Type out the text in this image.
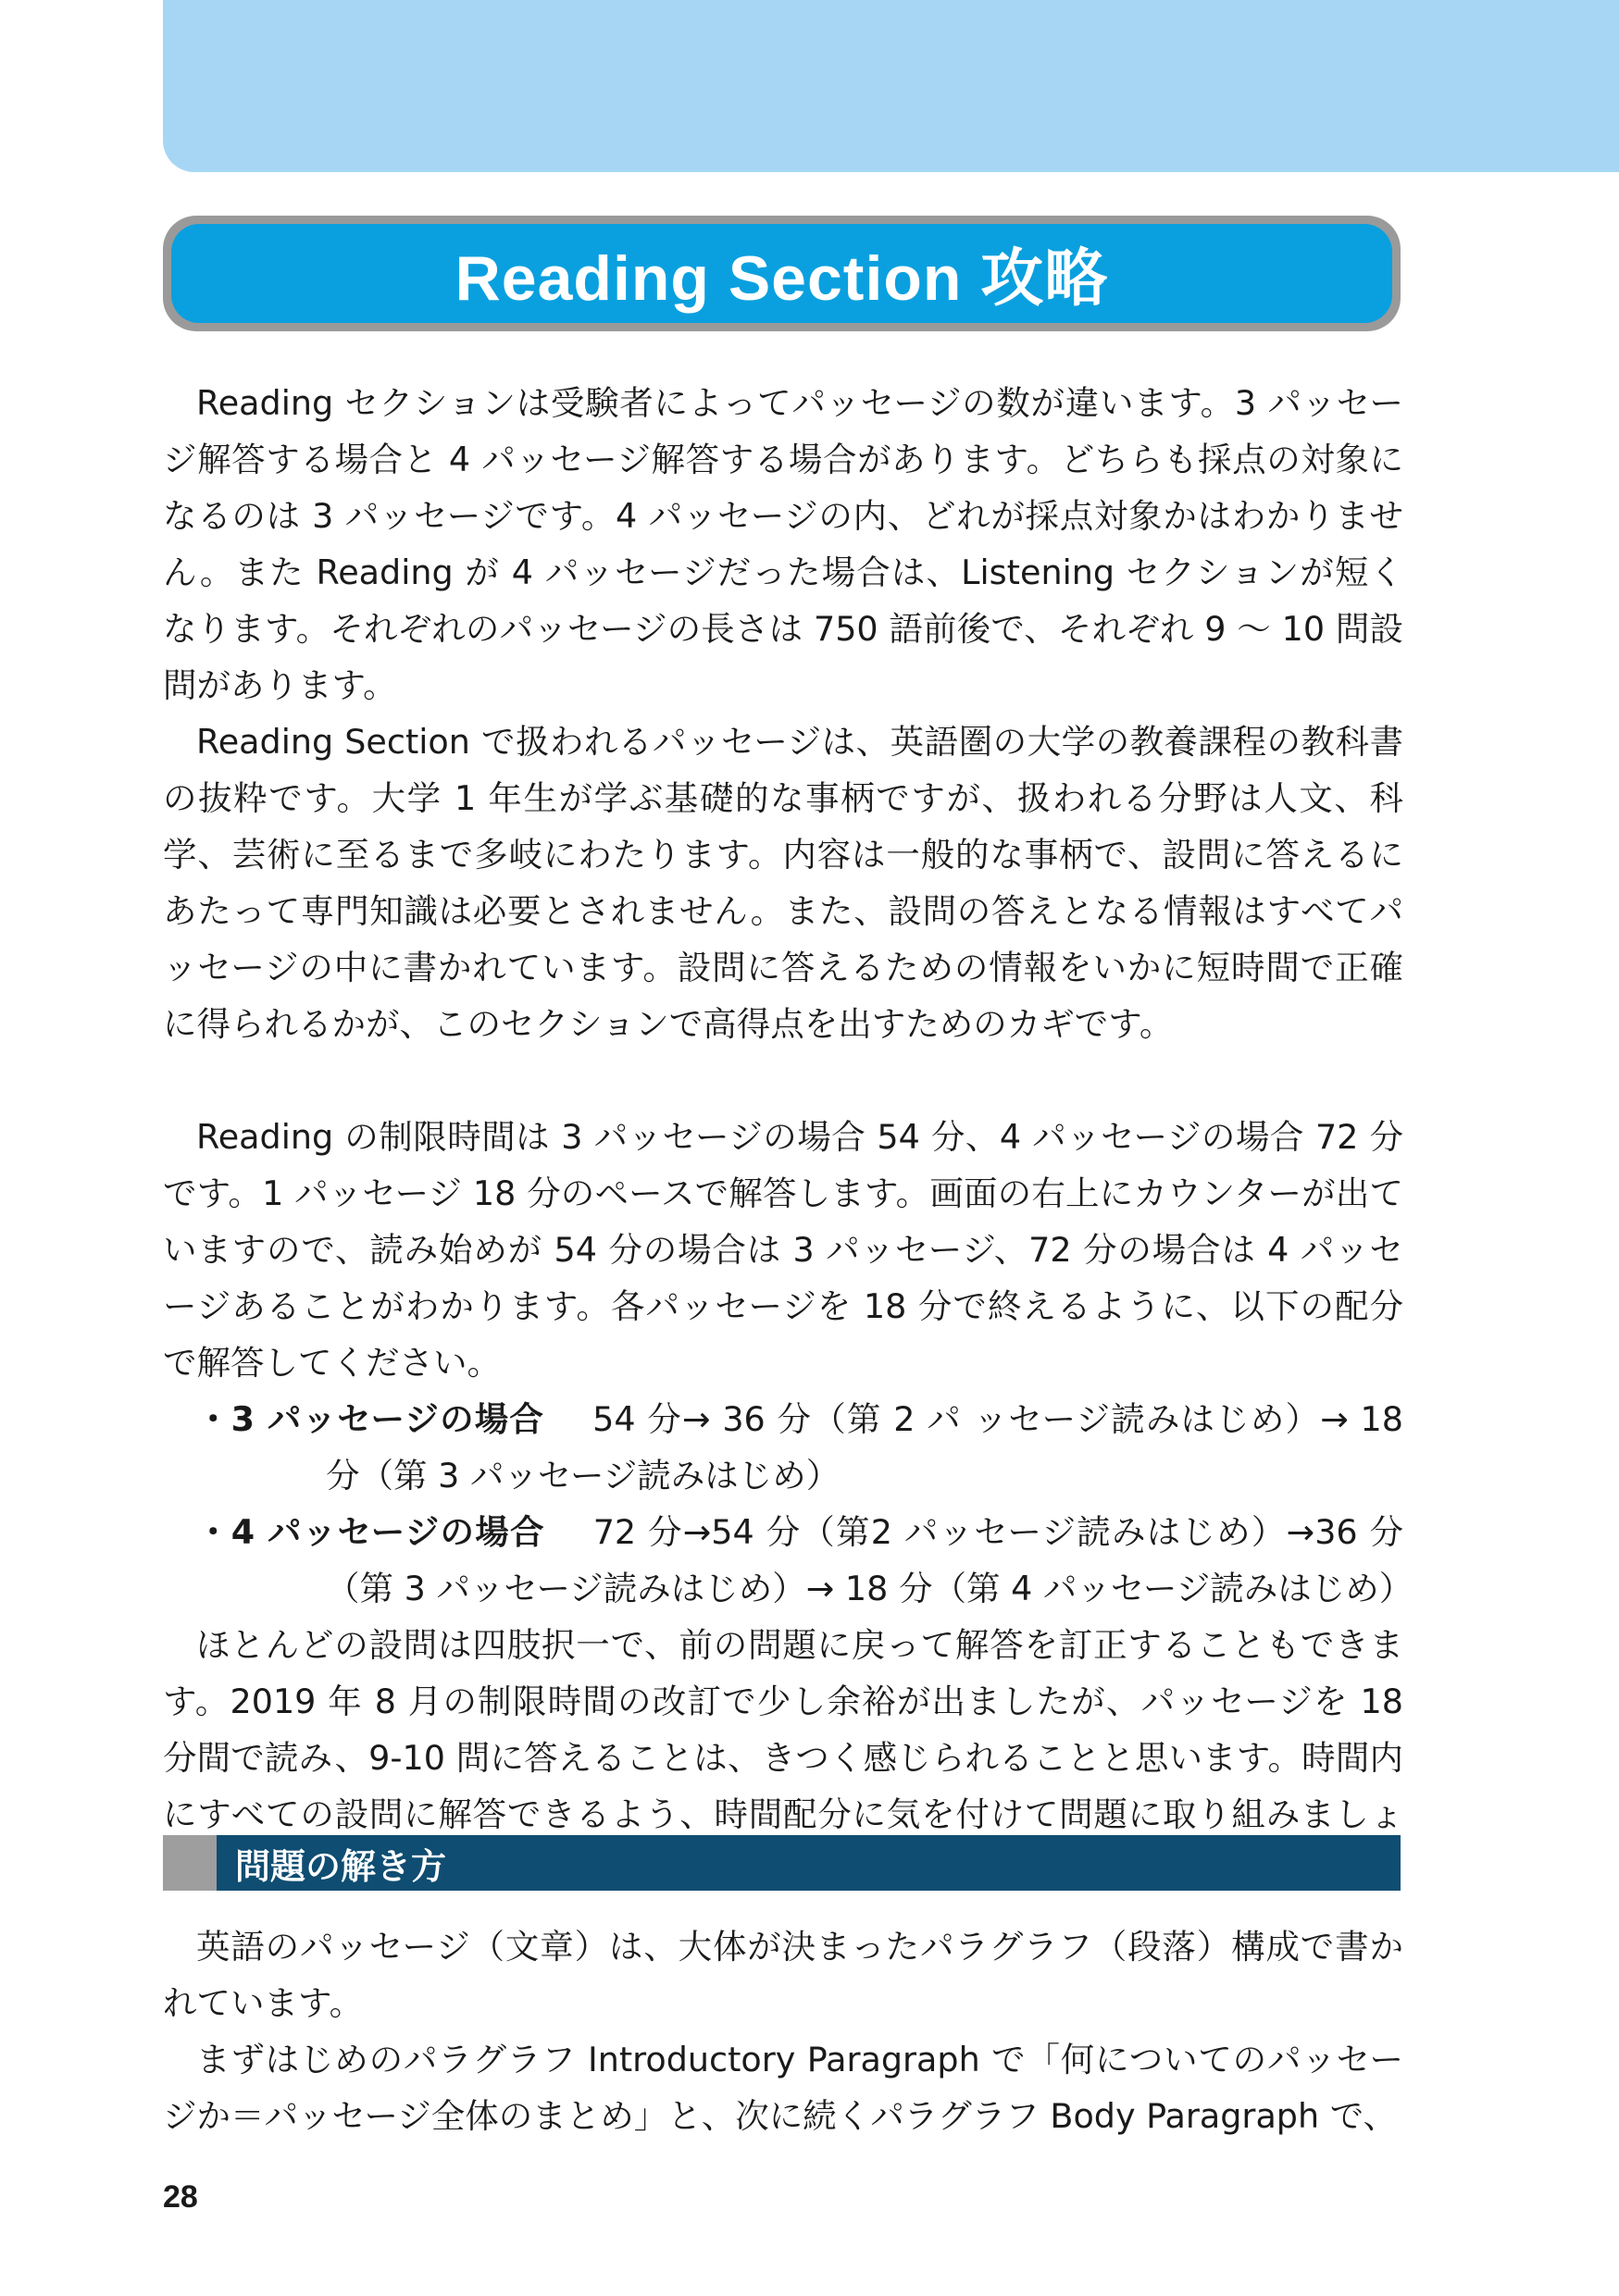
Reading Section 攻略

Reading セクションは受験者によってパッセージの数が違います。3 パッセージ解答する場合と 4 パッセージ解答する場合があります。どちらも採点の対象になるのは 3 パッセージです。4 パッセージの内、どれが採点対象かはわかりません。また Reading が 4 パッセージだった場合は、Listening セクションが短くなります。それぞれのパッセージの長さは 750 語前後で、それぞれ 9 ～ 10 問設問があります。

Reading Section で扱われるパッセージは、英語圏の大学の教養課程の教科書の抜粋です。大学 1 年生が学ぶ基礎的な事柄ですが、扱われる分野は人文、科学、芸術に至るまで多岐にわたります。内容は一般的な事柄で、設問に答えるにあたって専門知識は必要とされません。また、設問の答えとなる情報はすべてパッセージの中に書かれています。設問に答えるための情報をいかに短時間で正確に得られるかが、このセクションで高得点を出すためのカギです。

Reading の制限時間は 3 パッセージの場合 54 分、4 パッセージの場合 72 分です。1 パッセージ 18 分のペースで解答します。画面の右上にカウンターが出ていますので、読み始めが 54 分の場合は 3 パッセージ、72 分の場合は 4 パッセージあることがわかります。各パッセージを 18 分で終えるように、以下の配分で解答してください。

・3 パッセージの場合 54 分→ 36 分（第 2 パ ッセージ読みはじめ）→ 18 分（第 3 パッセージ読みはじめ）

・4 パッセージの場合 72 分→54 分（第2 パッセージ読みはじめ）→36 分（第 3 パッセージ読みはじめ）→ 18 分（第 4 パッセージ読みはじめ）

ほとんどの設問は四肢択一で、前の問題に戻って解答を訂正することもできます。2019 年 8 月の制限時間の改訂で少し余裕が出ましたが、パッセージを 18 分間で読み、9-10 問に答えることは、きつく感じられることと思います。時間内にすべての設問に解答できるよう、時間配分に気を付けて問題に取り組みましょ

問題の解き方

英語のパッセージ（文章）は、大体が決まったパラグラフ（段落）構成で書かれています。

まずはじめのパラグラフ Introductory Paragraph で「何についてのパッセージか＝パッセージ全体のまとめ」と、次に続くパラグラフ Body Paragraph で、

28
